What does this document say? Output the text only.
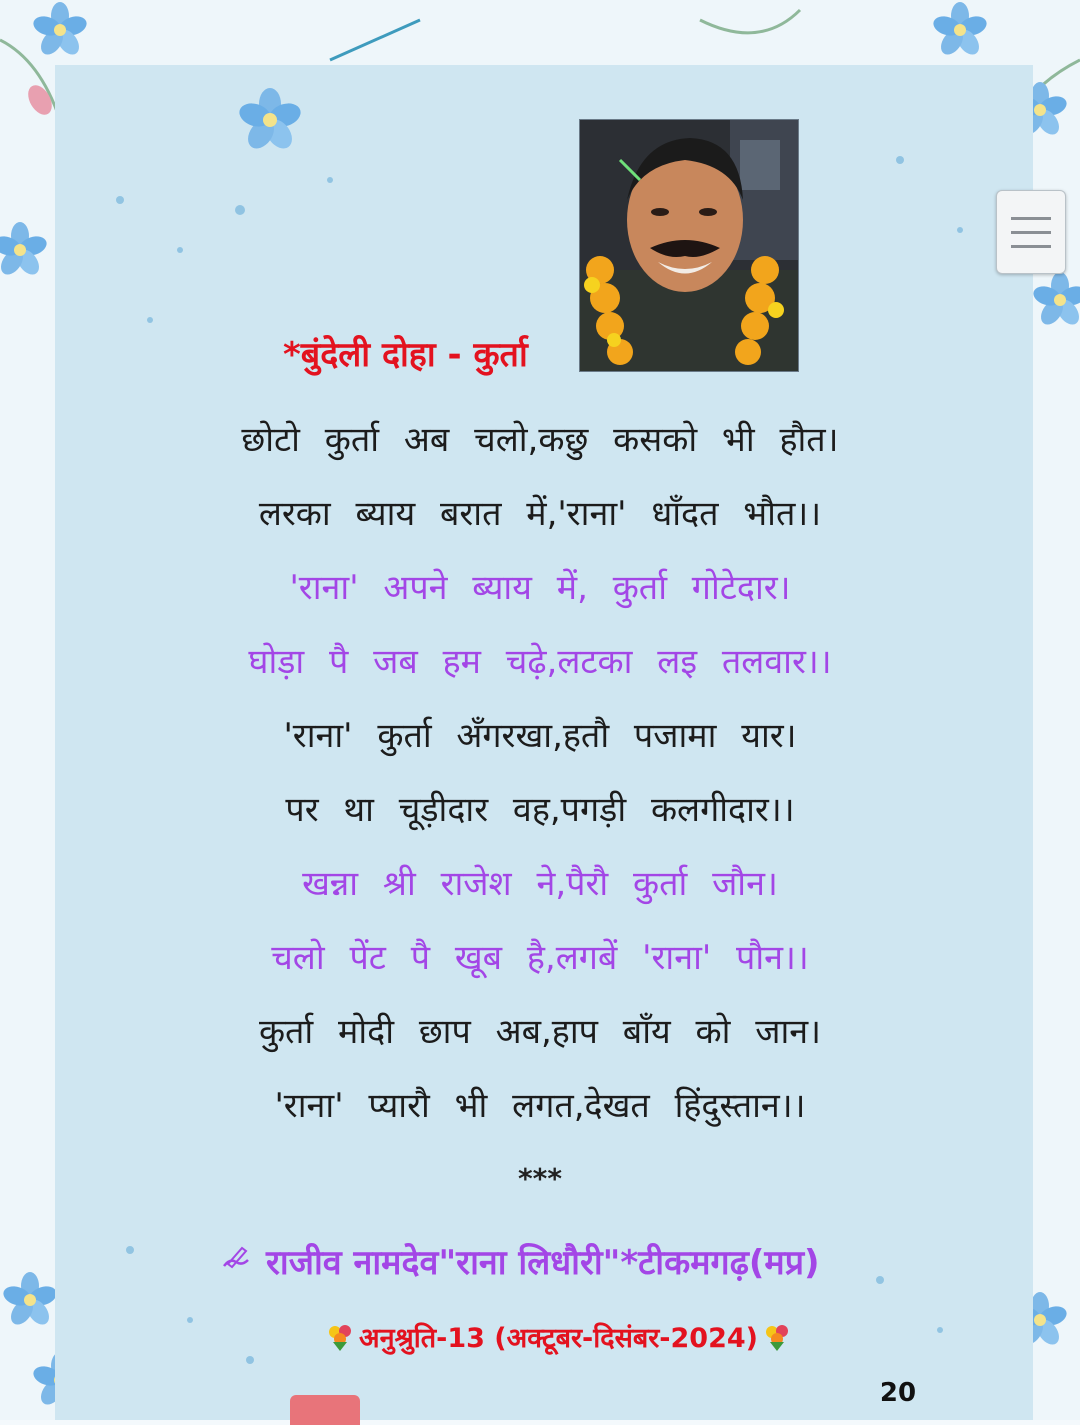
*बुंदेली दोहा - कुर्ता
छोटो कुर्ता अब चलो,कछु कसको भी हौत।
लरका ब्याय बरात में,'राना' धाँदत भौत।।
'राना' अपने ब्याय में, कुर्ता गोटेदार।
घोड़ा पै जब हम चढ़े,लटका लइ तलवार।।
'राना' कुर्ता अँगरखा,हतौ पजामा यार।
पर था चूड़ीदार वह,पगड़ी कलगीदार।।
खन्ना श्री राजेश ने,पैरौ कुर्ता जौन।
चलो पेंट पै खूब है,लगबें 'राना' पौन।।
कुर्ता मोदी छाप अब,हाप बाँय को जान।
'राना' प्यारौ भी लगत,देखत हिंदुस्तान।।
***
राजीव नामदेव"राना लिधौरी"*टीकमगढ़(मप्र)
अनुश्रुति-13 (अक्टूबर-दिसंबर-2024)
20
